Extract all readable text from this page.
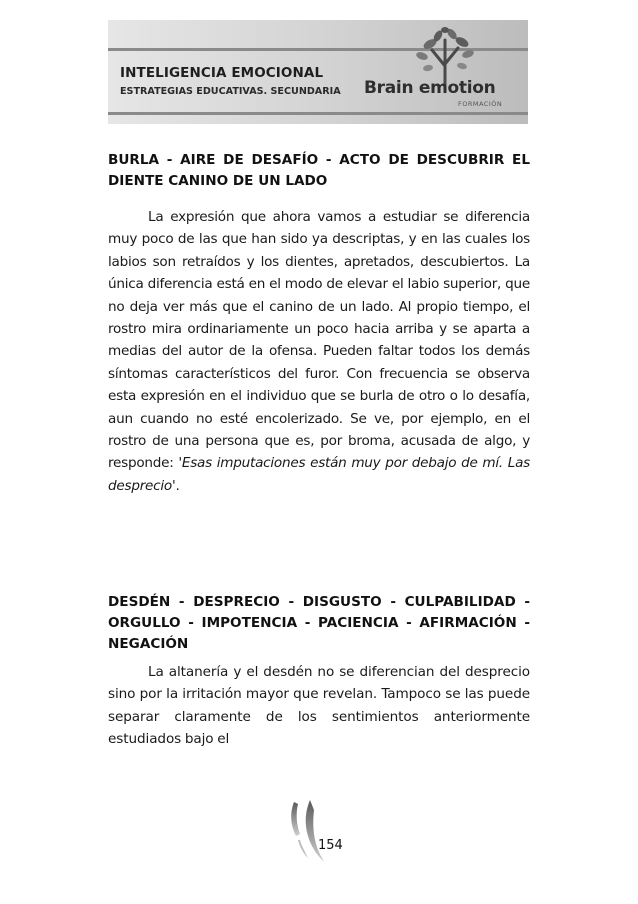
INTELIGENCIA EMOCIONAL

ESTRATEGIAS EDUCATIVAS. SECUNDARIA Brain emotion

FORMACIÓN

BURLA - AIRE DE DESAFÍO - ACTO DE DESCUBRIR EL DIENTE CANINO DE UN LADO

La expresión que ahora vamos a estudiar se diferencia muy poco de las que han sido ya descriptas, y en las cuales los labios son retraídos y los dientes, apretados, descubiertos. La única diferencia está en el modo de elevar el labio superior, que no deja ver más que el canino de un lado. Al propio tiempo, el rostro mira ordinariamente un poco hacia arriba y se aparta a medias del autor de la ofensa. Pueden faltar todos los demás síntomas característicos del furor. Con frecuencia se observa esta expresión en el individuo que se burla de otro o lo desafía, aun cuando no esté encolerizado. Se ve, por ejemplo, en el rostro de una persona que es, por broma, acusada de algo, y responde: 'Esas imputaciones están muy por debajo de mí. Las desprecio'.

DESDÉN - DESPRECIO - DISGUSTO - CULPABILIDAD - ORGULLO - IMPOTENCIA - PACIENCIA - AFIRMACIÓN - NEGACIÓN

La altanería y el desdén no se diferencian del desprecio sino por la irritación mayor que revelan. Tampoco se las puede separar claramente de los sentimientos anteriormente estudiados bajo el

154
